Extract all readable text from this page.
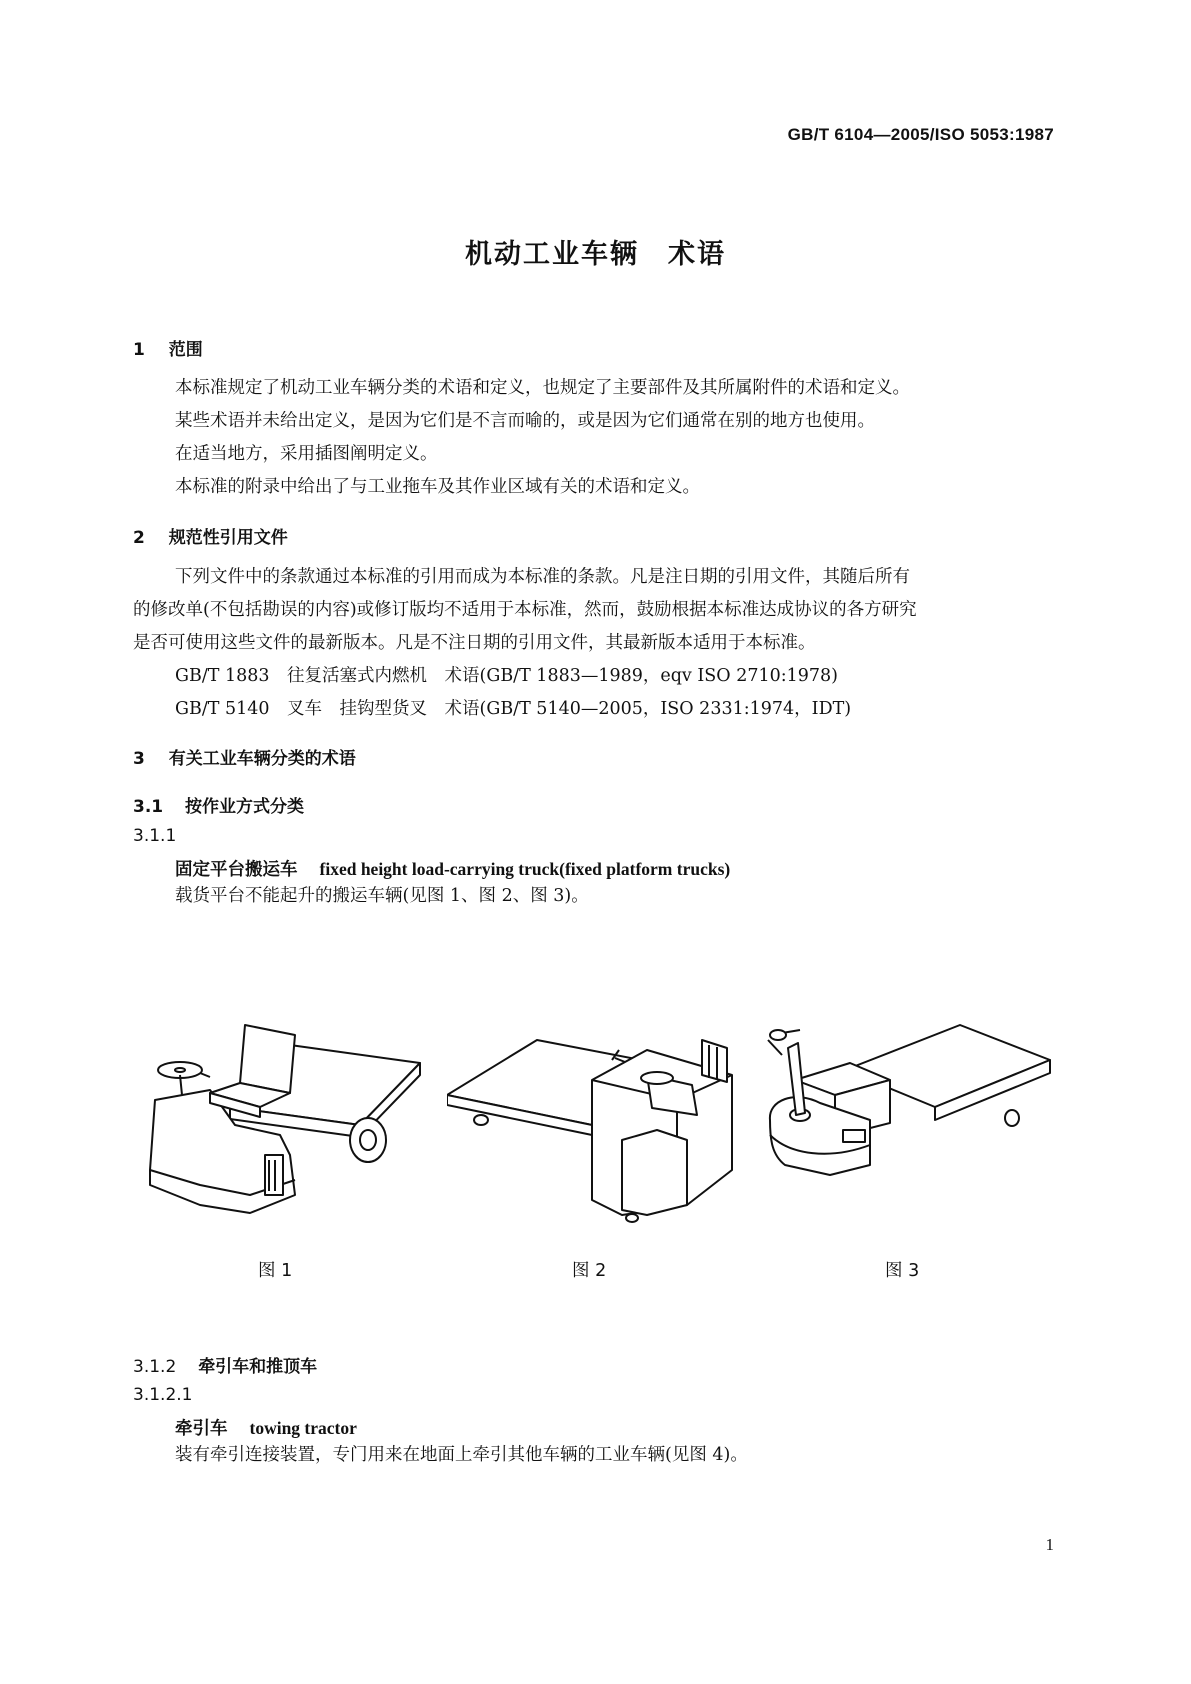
GB/T 6104—2005/ISO 5053:1987
机动工业车辆　术语
1 范围
本标准规定了机动工业车辆分类的术语和定义，也规定了主要部件及其所属附件的术语和定义。
某些术语并未给出定义，是因为它们是不言而喻的，或是因为它们通常在别的地方也使用。
在适当地方，采用插图阐明定义。
本标准的附录中给出了与工业拖车及其作业区域有关的术语和定义。
2 规范性引用文件
下列文件中的条款通过本标准的引用而成为本标准的条款。凡是注日期的引用文件，其随后所有
的修改单(不包括勘误的内容)或修订版均不适用于本标准，然而，鼓励根据本标准达成协议的各方研究
是否可使用这些文件的最新版本。凡是不注日期的引用文件，其最新版本适用于本标准。
GB/T 1883　往复活塞式内燃机　术语(GB/T 1883—1989，eqv ISO 2710:1978)
GB/T 5140　叉车　挂钩型货叉　术语(GB/T 5140—2005，ISO 2331:1974，IDT)
3 有关工业车辆分类的术语
3.1 按作业方式分类
3.1.1
固定平台搬运车 fixed height load-carrying truck(fixed platform trucks)
载货平台不能起升的搬运车辆(见图 1、图 2、图 3)。
图 1	图 2	图 3
3.1.2 牵引车和推顶车
3.1.2.1
牵引车 towing tractor
装有牵引连接装置，专门用来在地面上牵引其他车辆的工业车辆(见图 4)。
1
